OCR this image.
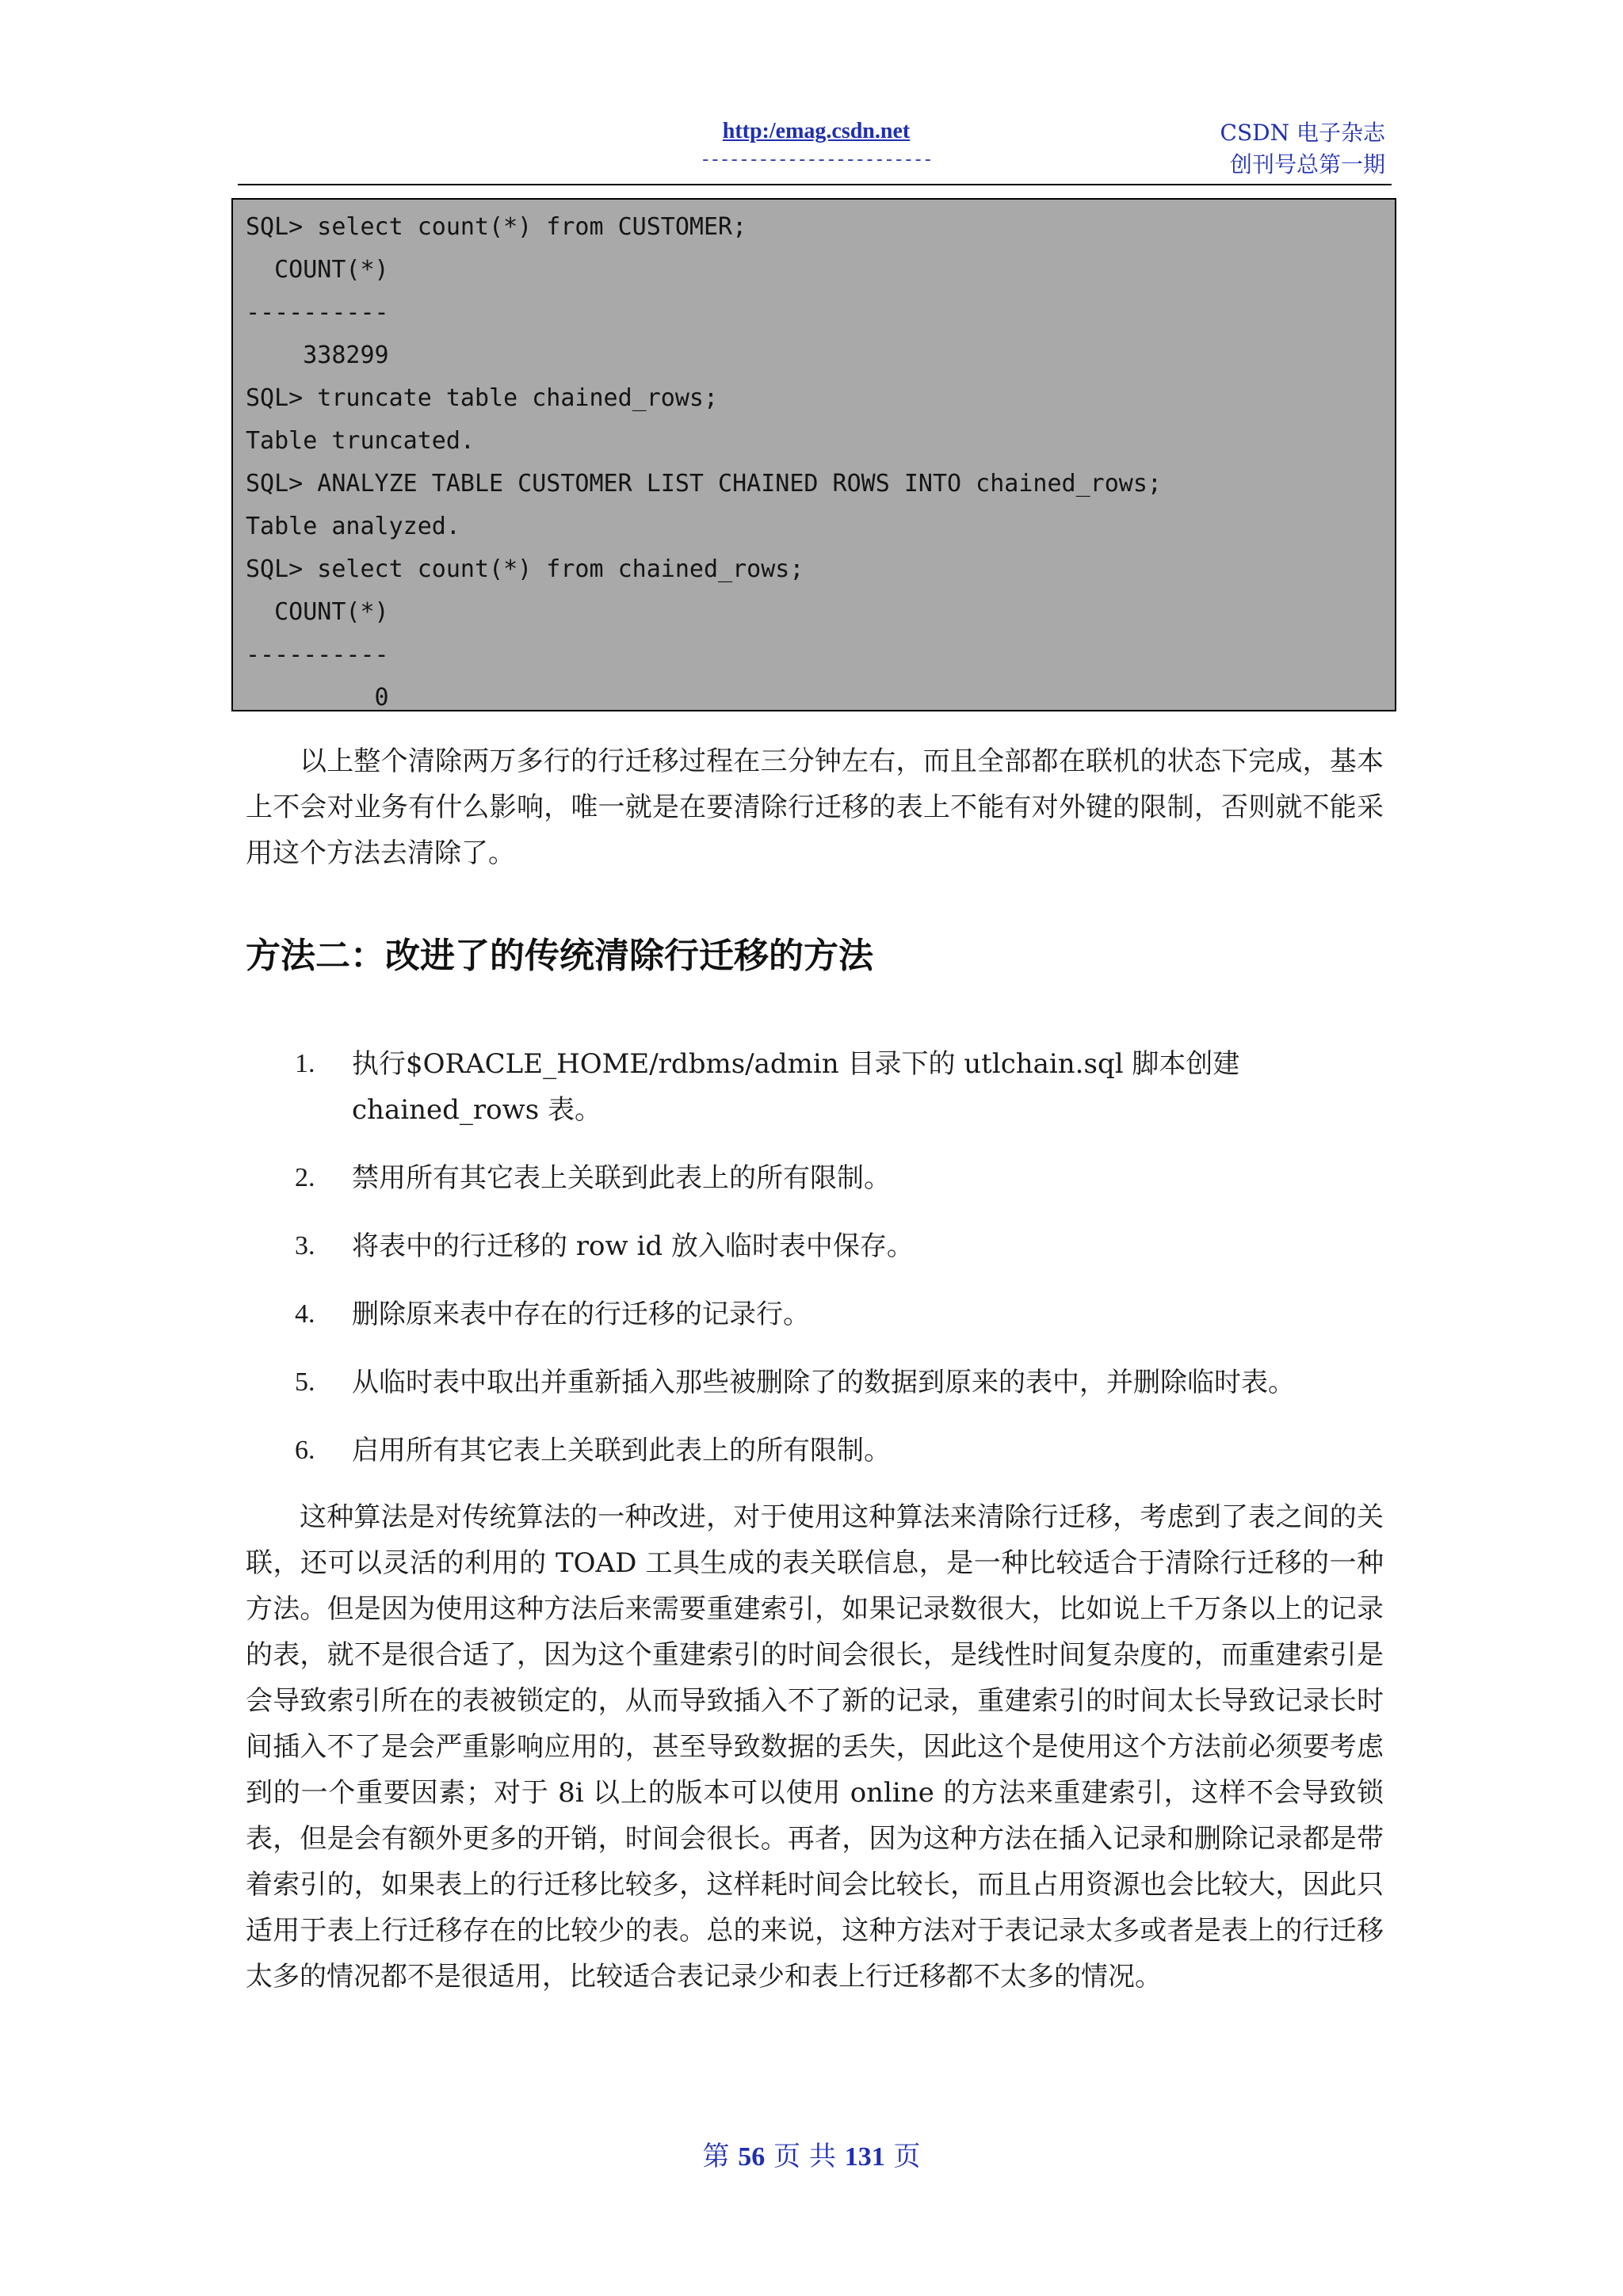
http:/emag.csdn.net
------------------------
CSDN 电子杂志
创刊号总第一期
SQL> select count(*) from CUSTOMER;
COUNT(*)
----------
338299
SQL> truncate table chained_rows;
Table truncated.
SQL> ANALYZE TABLE CUSTOMER LIST CHAINED ROWS INTO chained_rows;
Table analyzed.
SQL> select count(*) from chained_rows;
COUNT(*)
----------
0

以上整个清除两万多行的行迁移过程在三分钟左右，而且全部都在联机的状态下完成，基本上不会对业务有什么影响，唯一就是在要清除行迁移的表上不能有对外键的限制，否则就不能采用这个方法去清除了。

方法二：改进了的传统清除行迁移的方法
1.	执行$ORACLE_HOME/rdbms/admin 目录下的 utlchain.sql 脚本创建 chained_rows 表。
2.	禁用所有其它表上关联到此表上的所有限制。
3.	将表中的行迁移的 row id 放入临时表中保存。
4.	删除原来表中存在的行迁移的记录行。
5.	从临时表中取出并重新插入那些被删除了的数据到原来的表中，并删除临时表。
6.	启用所有其它表上关联到此表上的所有限制。

这种算法是对传统算法的一种改进，对于使用这种算法来清除行迁移，考虑到了表之间的关联，还可以灵活的利用的 TOAD 工具生成的表关联信息，是一种比较适合于清除行迁移的一种方法。但是因为使用这种方法后来需要重建索引，如果记录数很大，比如说上千万条以上的记录的表，就不是很合适了，因为这个重建索引的时间会很长，是线性时间复杂度的，而重建索引是会导致索引所在的表被锁定的，从而导致插入不了新的记录，重建索引的时间太长导致记录长时间插入不了是会严重影响应用的，甚至导致数据的丢失，因此这个是使用这个方法前必须要考虑到的一个重要因素；对于 8i 以上的版本可以使用 online 的方法来重建索引，这样不会导致锁表，但是会有额外更多的开销，时间会很长。再者，因为这种方法在插入记录和删除记录都是带着索引的，如果表上的行迁移比较多，这样耗时间会比较长，而且占用资源也会比较大，因此只适用于表上行迁移存在的比较少的表。总的来说，这种方法对于表记录太多或者是表上的行迁移太多的情况都不是很适用，比较适合表记录少和表上行迁移都不太多的情况。

第 56 页 共 131 页
